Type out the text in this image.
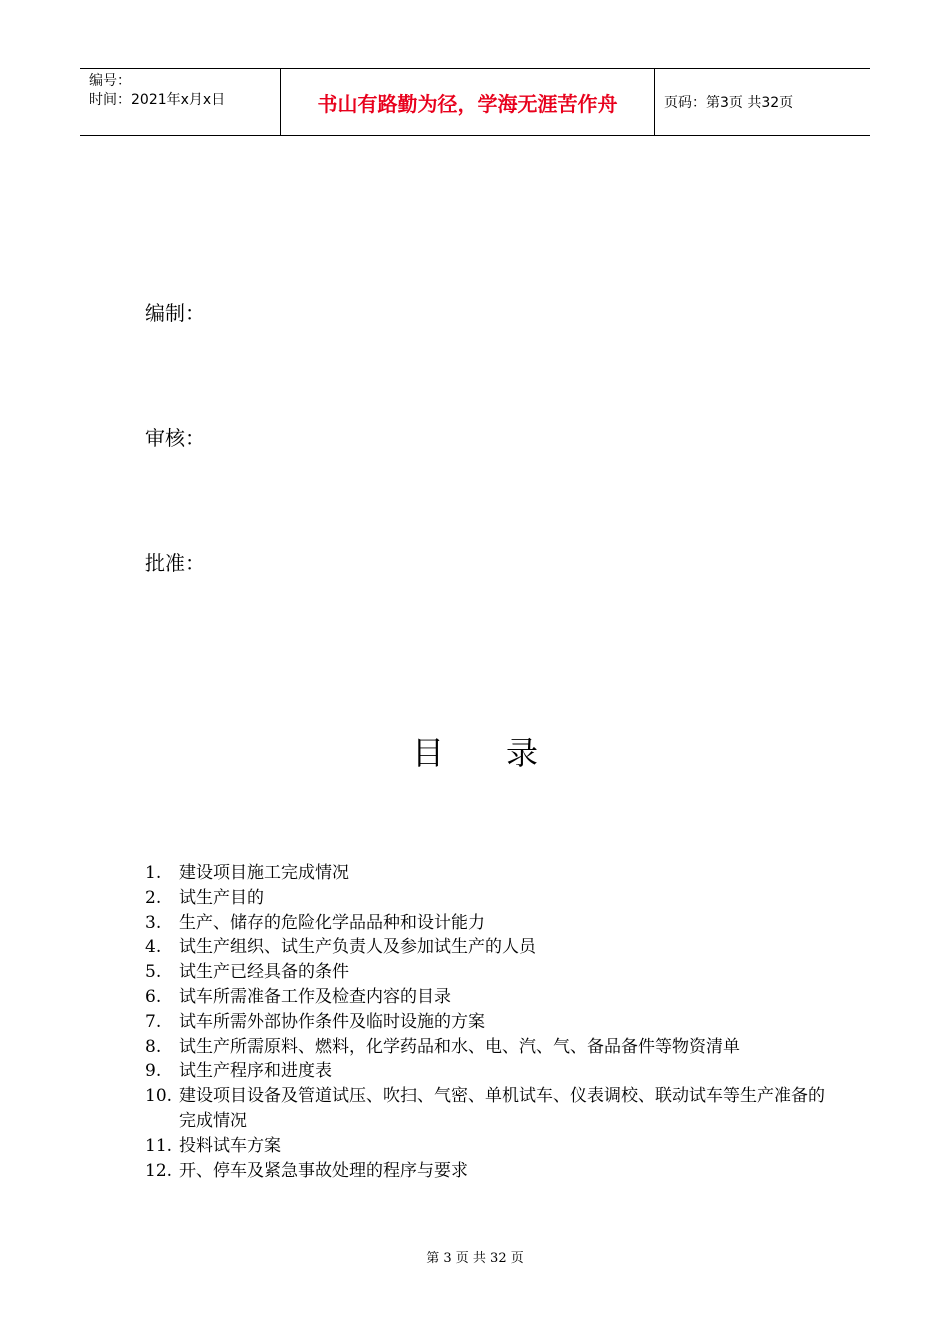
编号：
时间：2021年x月x日	书山有路勤为径，学海无涯苦作舟	页码：第3页 共32页
编制：
审核：
批准：
目 录
1.	建设项目施工完成情况
2.	试生产目的
3.	生产、储存的危险化学品品种和设计能力
4.	试生产组织、试生产负责人及参加试生产的人员
5.	试生产已经具备的条件
6.	试车所需准备工作及检查内容的目录
7.	试车所需外部协作条件及临时设施的方案
8.	试生产所需原料、燃料，化学药品和水、电、汽、气、备品备件等物资清单
9.	试生产程序和进度表
10. 建设项目设备及管道试压、吹扫、气密、单机试车、仪表调校、联动试车等生产准备的完成情况
11. 投料试车方案
12. 开、停车及紧急事故处理的程序与要求
第 3 页 共 32 页
